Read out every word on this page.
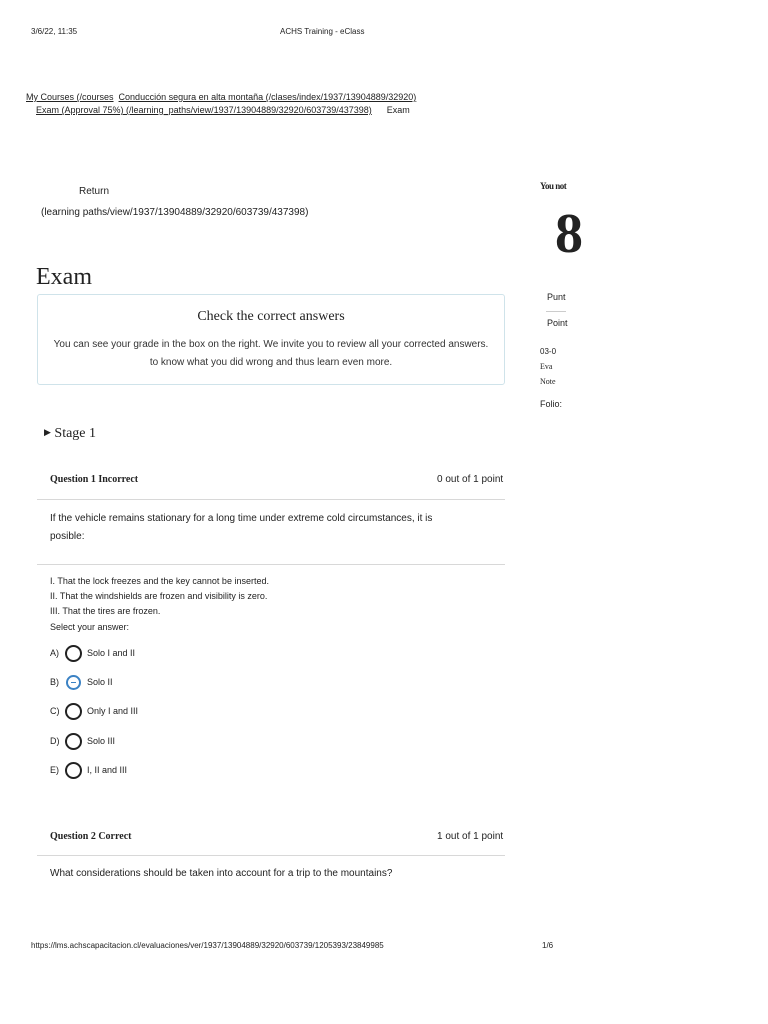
3/6/22, 11:35	ACHS Training - eClass
My Courses (/courses Conducción segura en alta montaña (/clases/index/1937/13904889/32920)
Exam (Approval 75%) (/learning_paths/view/1937/13904889/32920/603739/437398) Exam
Return
(learning paths/view/1937/13904889/32920/603739/437398)
Exam
Check the correct answers
You can see your grade in the box on the right. We invite you to review all your corrected answers.
to know what you did wrong and thus learn even more.
You not
8
Punt
Point
03-0
Eva
Note
Folio:
▶ Stage 1
Question 1 Incorrect	0 out of 1 point
If the vehicle remains stationary for a long time under extreme cold circumstances, it is
posible:
I. That the lock freezes and the key cannot be inserted.
II. That the windshields are frozen and visibility is zero.
III. That the tires are frozen.
Select your answer:
A)	Solo I and II
B)	Solo II
C)	Only I and III
D)	Solo III
E)	I, II and III
Question 2 Correct	1 out of 1 point
What considerations should be taken into account for a trip to the mountains?
https://lms.achscapacitacion.cl/evaluaciones/ver/1937/13904889/32920/603739/1205393/23849985	1/6
